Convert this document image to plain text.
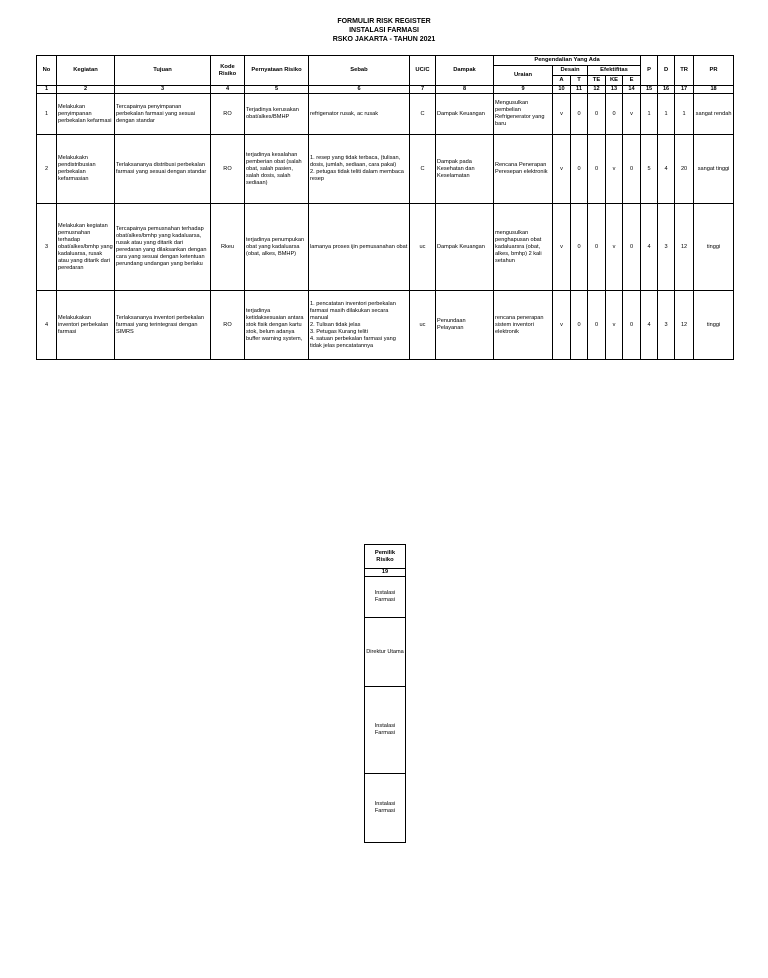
FORMULIR RISK REGISTER
INSTALASI FARMASI
RSKO JAKARTA - TAHUN 2021
No	Kegiatan	Tujuan	Kode Risiko	Pernyataan Risiko	Sebab	UC/C	Dampak	Pengendalian Yang Ada						P	D	TR	PR
								Uraian	Desain		Efektifitas						
									A	T	TE	KE	E				
1	2	3	4	5	6	7	8	9	10	11	12	13	14	15	16	17	18
1	Melakukan penyimpanan perbekalan kefarmasi	Tercapainya penyimpanan perbekalan farmasi yang sesuai dengan standar	RO	Terjadinya kerusakan obat/alkes/BMHP	refrigenator rusak, ac rusak	C	Dampak Keuangan	Mengusulkan pembelian Refrigenerator yang baru	v	0	0	0	v	1	1	1	sangat rendah
2	Melakukakn pendistribusian perbekalan kefarmasian	Terlaksananya distribusi perbekalan farmasi yang sesuai dengan standar	RO	terjadinya kesalahan pemberian obat (salah obat, salah pasien, salah dosis, salah sediaan)	1. resep yang tidak terbaca, (tulisan, dosis, jumlah, sediaan, cara pakai)
2. petugas tidak teliti dalam membaca resep	C	Dampak pada Kesehatan dan Keselamatan	Rencana Penerapan Peresepan elektronik	v	0	0	v	0	5	4	20	sangat tinggi
3	Melakukan kegiatan pemusnahan terhadap obat/alkes/bmhp yang kadaluarsa, rusak atau yang ditarik dari peredaran	Tercapainya pemusnahan terhadap obat/alkes/bmhp yang kadaluarsa, rusak atau yang ditarik dari peredaran yang dilaksankan dengan cara yang sesuai dengan ketentuan perundang undangan yang berlaku	Rkeu	terjadinya penumpukan obat yang kadaluarsa (obat, alkes, BMHP)	lamanya proses ijin pemusanahan obat	uc	Dampak Keuangan	mengusulkan penghapusan obat kadaluarsra (obat, alkes, bmhp) 2 kali setahun	v	0	0	v	0	4	3	12	tinggi
4	Melakukakan inventori perbekalan farmasi	Terlaksananya inventori perbekalan farmasi yang terintegrasi dengan SIMRS	RO	terjadinya ketidaksesuaian antara stok fisik dengan kartu stok, belum adanya buffer warning system,	1. pencatatan inventori perbekalan farmasi masih dilakukan secara manual
2. Tulisan tidak jelas
3. Petugas Kurang teliti
4. satuan perbekalan farmasi yang tidak jelas pencatatannya	uc	Penundaan Pelayanan	rencana penerapan sistem inventori elektronik	v	0	0	v	0	4	3	12	tinggi
Pemilik Risiko
19
Instalasi Farmasi
Direktur Utama
Instalasi Farmasi
Instalasi Farmasi
